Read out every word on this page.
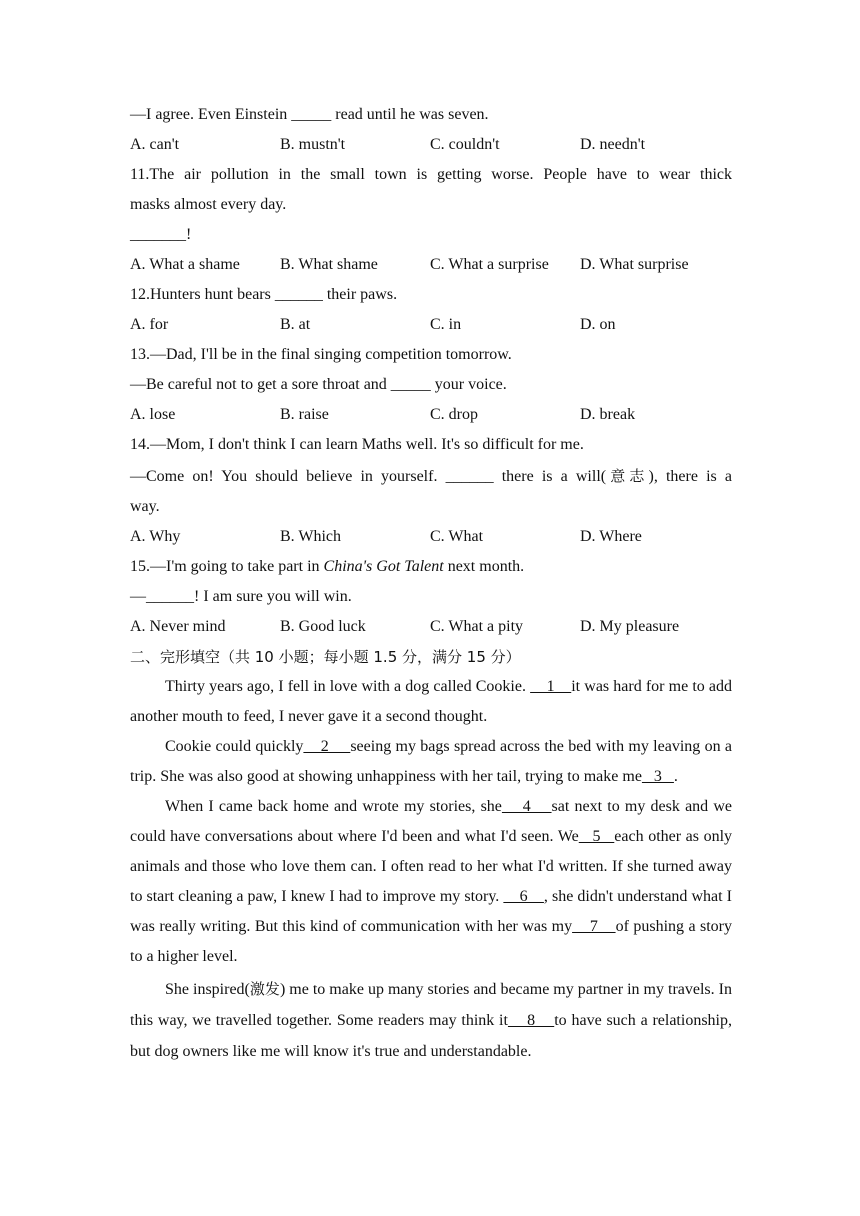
—I agree. Even Einstein _____ read until he was seven.
A. can't	B. mustn't	C. couldn't	D. needn't
11.The air pollution in the small town is getting worse. People have to wear thick
masks almost every day.
_______!
A. What a shame	B. What shame	C. What a surprise	D. What surprise
12.Hunters hunt bears ______ their paws.
A. for	B. at	C. in	D. on
13.—Dad, I'll be in the final singing competition tomorrow.
—Be careful not to get a sore throat and _____ your voice.
A. lose	B. raise	C. drop	D. break
14.—Mom, I don't think I can learn Maths well. It's so difficult for me.
—Come on! You should believe in yourself. ______ there is a will(意志), there is a
way.
A. Why	B. Which	C. What	D. Where
15.—I'm going to take part in China's Got Talent next month.
—______! I am sure you will win.
A. Never mind	B. Good luck	C. What a pity	D. My pleasure
二、完形填空（共 10 小题；每小题 1.5 分，满分 15 分）
Thirty years ago, I fell in love with a dog called Cookie.     1    it was hard for me to add another mouth to feed, I never gave it a second thought.
Cookie could quickly    2     seeing my bags spread across the bed with my leaving on a trip. She was also good at showing unhappiness with her tail, trying to make me   3   .
When I came back home and wrote my stories, she    4    sat next to my desk and we could have conversations about where I'd been and what I'd seen. We   5   each other as only animals and those who love them can. I often read to her what I'd written. If she turned away to start cleaning a paw, I knew I had to improve my story.     6    , she didn't understand what I was really writing. But this kind of communication with her was my    7    of pushing a story to a higher level.
She inspired(激发) me to make up many stories and became my partner in my travels. In this way, we travelled together. Some readers may think it    8    to have such a relationship, but dog owners like me will know it's true and understandable.
